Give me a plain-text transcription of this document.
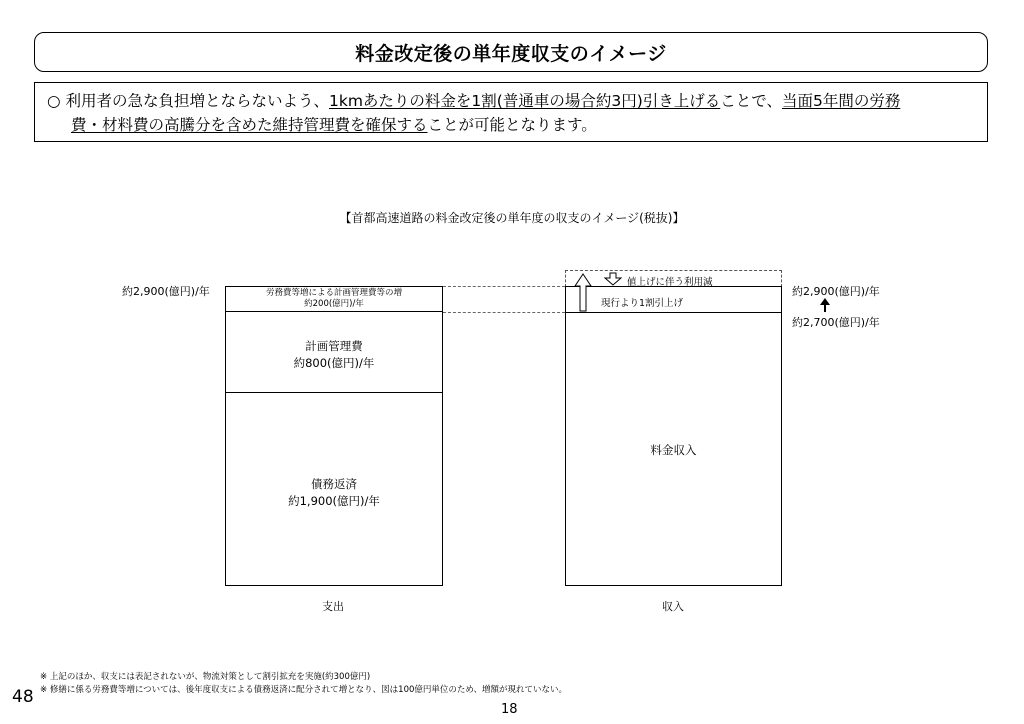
料金改定後の単年度収支のイメージ
○ 利用者の急な負担増とならないよう、1kmあたりの料金を1割(普通車の場合約3円)引き上げることで、当面5年間の労務
費・材料費の高騰分を含めた維持管理費を確保することが可能となります。
【首都高速道路の料金改定後の単年度の収支のイメージ(税抜)】
約2,900(億円)/年	労務費等増による計画管理費等の増
約200(億円)/年
計画管理費
約800(億円)/年
債務返済
約1,900(億円)/年
支出
値上げに伴う利用減
現行より1割引上げ
料金収入
収入
約2,900(億円)/年
約2,700(億円)/年
※ 上記のほか、収支には表記されないが、物流対策として割引拡充を実施(約300億円)
※ 修繕に係る労務費等増については、後年度収支による債務返済に配分されて増となり、図は100億円単位のため、増額が現れていない。
18
48
